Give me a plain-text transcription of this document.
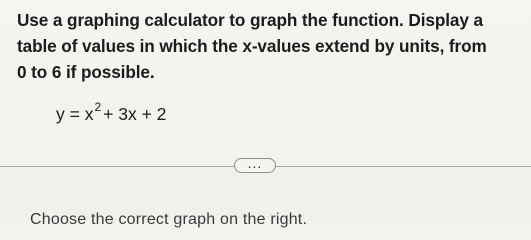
Use a graphing calculator to graph the function. Display a
table of values in which the x-values extend by units, from
0 to 6 if possible.
$y = x^2 + 3x + 2$
...
Choose the correct graph on the right.
